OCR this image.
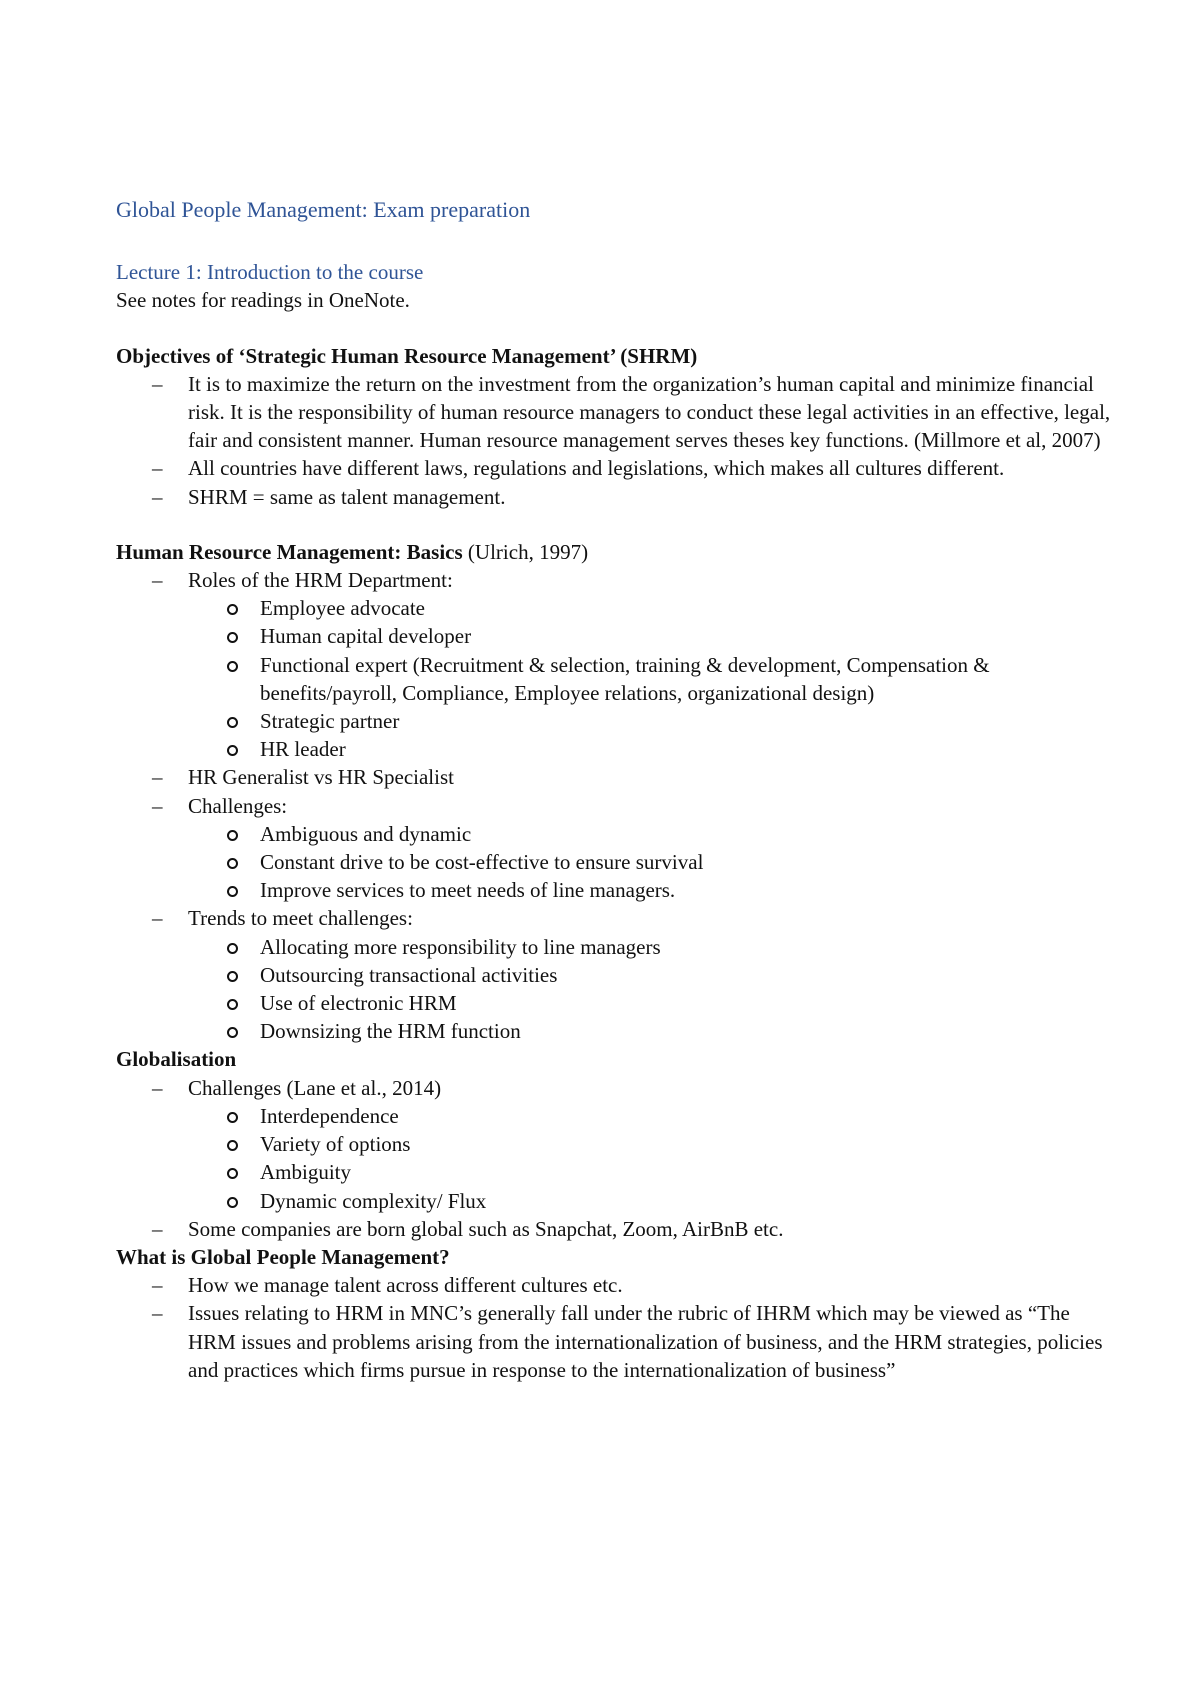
Global People Management: Exam preparation
Lecture 1: Introduction to the course

See notes for readings in OneNote.

Objectives of ‘Strategic Human Resource Management’ (SHRM)

– It is to maximize the return on the investment from the organization’s human capital and minimize financial risk. It is the responsibility of human resource managers to conduct these legal activities in an effective, legal, fair and consistent manner. Human resource management serves theses key functions. (Millmore et al, 2007)
– All countries have different laws, regulations and legislations, which makes all cultures different.
– SHRM = same as talent management.

Human Resource Management: Basics (Ulrich, 1997)

– Roles of the HRM Department:
Employee advocate
Human capital developer
Functional expert (Recruitment & selection, training & development, Compensation & benefits/payroll, Compliance, Employee relations, organizational design)
Strategic partner
HR leader
– HR Generalist vs HR Specialist
– Challenges:
Ambiguous and dynamic
Constant drive to be cost-effective to ensure survival
Improve services to meet needs of line managers.
– Trends to meet challenges:
Allocating more responsibility to line managers
Outsourcing transactional activities
Use of electronic HRM
Downsizing the HRM function

Globalisation

– Challenges (Lane et al., 2014)
Interdependence
Variety of options
Ambiguity
Dynamic complexity/ Flux
– Some companies are born global such as Snapchat, Zoom, AirBnB etc.

What is Global People Management?

– How we manage talent across different cultures etc.
– Issues relating to HRM in MNC’s generally fall under the rubric of IHRM which may be viewed as “The HRM issues and problems arising from the internationalization of business, and the HRM strategies, policies and practices which firms pursue in response to the internationalization of business”
